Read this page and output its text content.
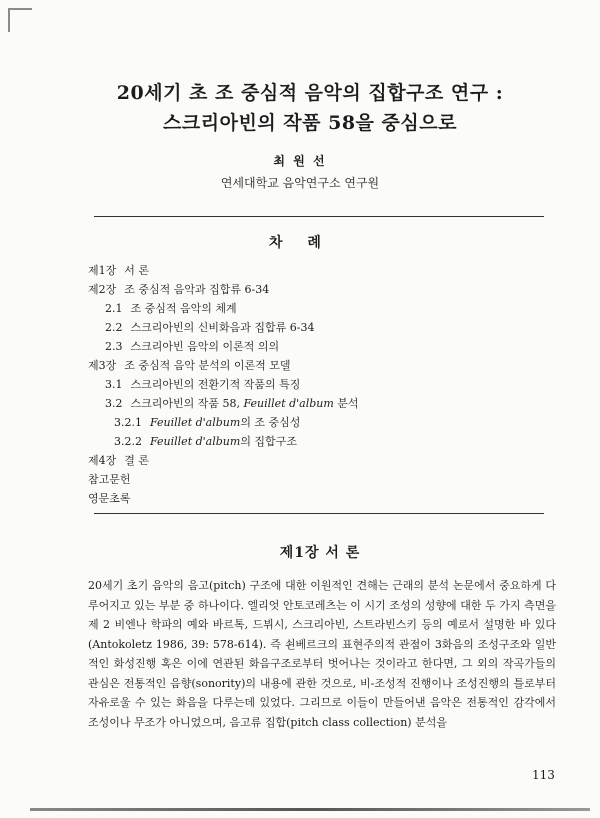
20세기 초 조 중심적 음악의 집합구조 연구 :
스크리아빈의 작품 58을 중심으로
최 원 선
연세대학교 음악연구소 연구원
차 례
제1장 서 론
제2장 조 중심적 음악과 집합류 6-34
2.1 조 중심적 음악의 체계
2.2 스크리아빈의 신비화음과 집합류 6-34
2.3 스크리아빈 음악의 이론적 의의
제3장 조 중심적 음악 분석의 이론적 모델
3.1 스크리아빈의 전환기적 작품의 특징
3.2 스크리아빈의 작품 58, Feuillet d'album 분석
3.2.1 Feuillet d'album의 조 중심성
3.2.2 Feuillet d'album의 집합구조
제4장 결 론
참고문헌
영문초록
제1장 서 론
20세기 초기 음악의 음고(pitch) 구조에 대한 이원적인 견해는 근래의 분석 논문에서 중요하게 다루어지고 있는 부분 중 하나이다. 엘리엇 안토코레츠는 이 시기 조성의 성향에 대한 두 가지 측면을 제 2 비엔나 학파의 예와 바르톡, 드뷔시, 스크리아빈, 스트라빈스키 등의 예로서 설명한 바 있다(Antokoletz 1986, 39: 578-614). 즉 쇤베르크의 표현주의적 관점이 3화음의 조성구조와 일반적인 화성진행 혹은 이에 연관된 화음구조로부터 벗어나는 것이라고 한다면, 그 외의 작곡가들의 관심은 전통적인 음향(sonority)의 내용에 관한 것으로, 비-조성적 진행이나 조성진행의 틀로부터 자유로울 수 있는 화음을 다루는데 있었다. 그리므로 이들이 만들어낸 음악은 전통적인 감각에서 조성이나 무조가 아니었으며, 음고류 집합(pitch class collection) 분석을
113
